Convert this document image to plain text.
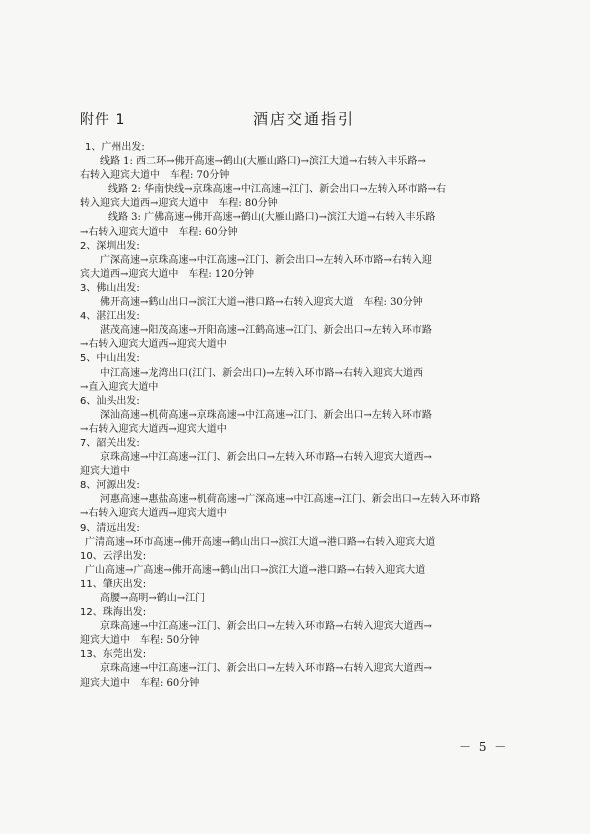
附件 1	酒店交通指引
1、广州出发:
线路 1: 西二环→佛开高速→鹤山(大雁山路口)→滨江大道→右转入丰乐路→
右转入迎宾大道中　车程: 70分钟
线路 2: 华南快线→京珠高速→中江高速→江门、新会出口→左转入环市路→右
转入迎宾大道西→迎宾大道中　车程: 80分钟
线路 3: 广佛高速→佛开高速→鹤山(大雁山路口)→滨江大道→右转入丰乐路
→右转入迎宾大道中　车程: 60分钟
2、深圳出发:
广深高速→京珠高速→中江高速→江门、新会出口→左转入环市路→右转入迎
宾大道西→迎宾大道中　车程: 120分钟
3、佛山出发:
佛开高速→鹤山出口→滨江大道→港口路→右转入迎宾大道　车程: 30分钟
4、湛江出发:
湛茂高速→阳茂高速→开阳高速→江鹤高速→江门、新会出口→左转入环市路
→右转入迎宾大道西→迎宾大道中
5、中山出发:
中江高速→龙湾出口(江门、新会出口)→左转入环市路→右转入迎宾大道西
→直入迎宾大道中
6、汕头出发:
深汕高速→机荷高速→京珠高速→中江高速→江门、新会出口→左转入环市路
→右转入迎宾大道西→迎宾大道中
7、韶关出发:
京珠高速→中江高速→江门、新会出口→左转入环市路→右转入迎宾大道西→
迎宾大道中
8、河源出发:
河惠高速→惠盐高速→机荷高速→广深高速→中江高速→江门、新会出口→左转入环市路
→右转入迎宾大道西→迎宾大道中
9、清远出发:
广清高速→环市高速→佛开高速→鹤山出口→滨江大道→港口路→右转入迎宾大道
10、云浮出发:
广山高速→广高速→佛开高速→鹤山出口→滨江大道→港口路→右转入迎宾大道
11、肇庆出发:
高腰→高明→鹤山→江门
12、珠海出发:
京珠高速→中江高速→江门、新会出口→左转入环市路→右转入迎宾大道西→
迎宾大道中　车程: 50分钟
13、东莞出发:
京珠高速→中江高速→江门、新会出口→左转入环市路→右转入迎宾大道西→
迎宾大道中　车程: 60分钟
－ 5 －
